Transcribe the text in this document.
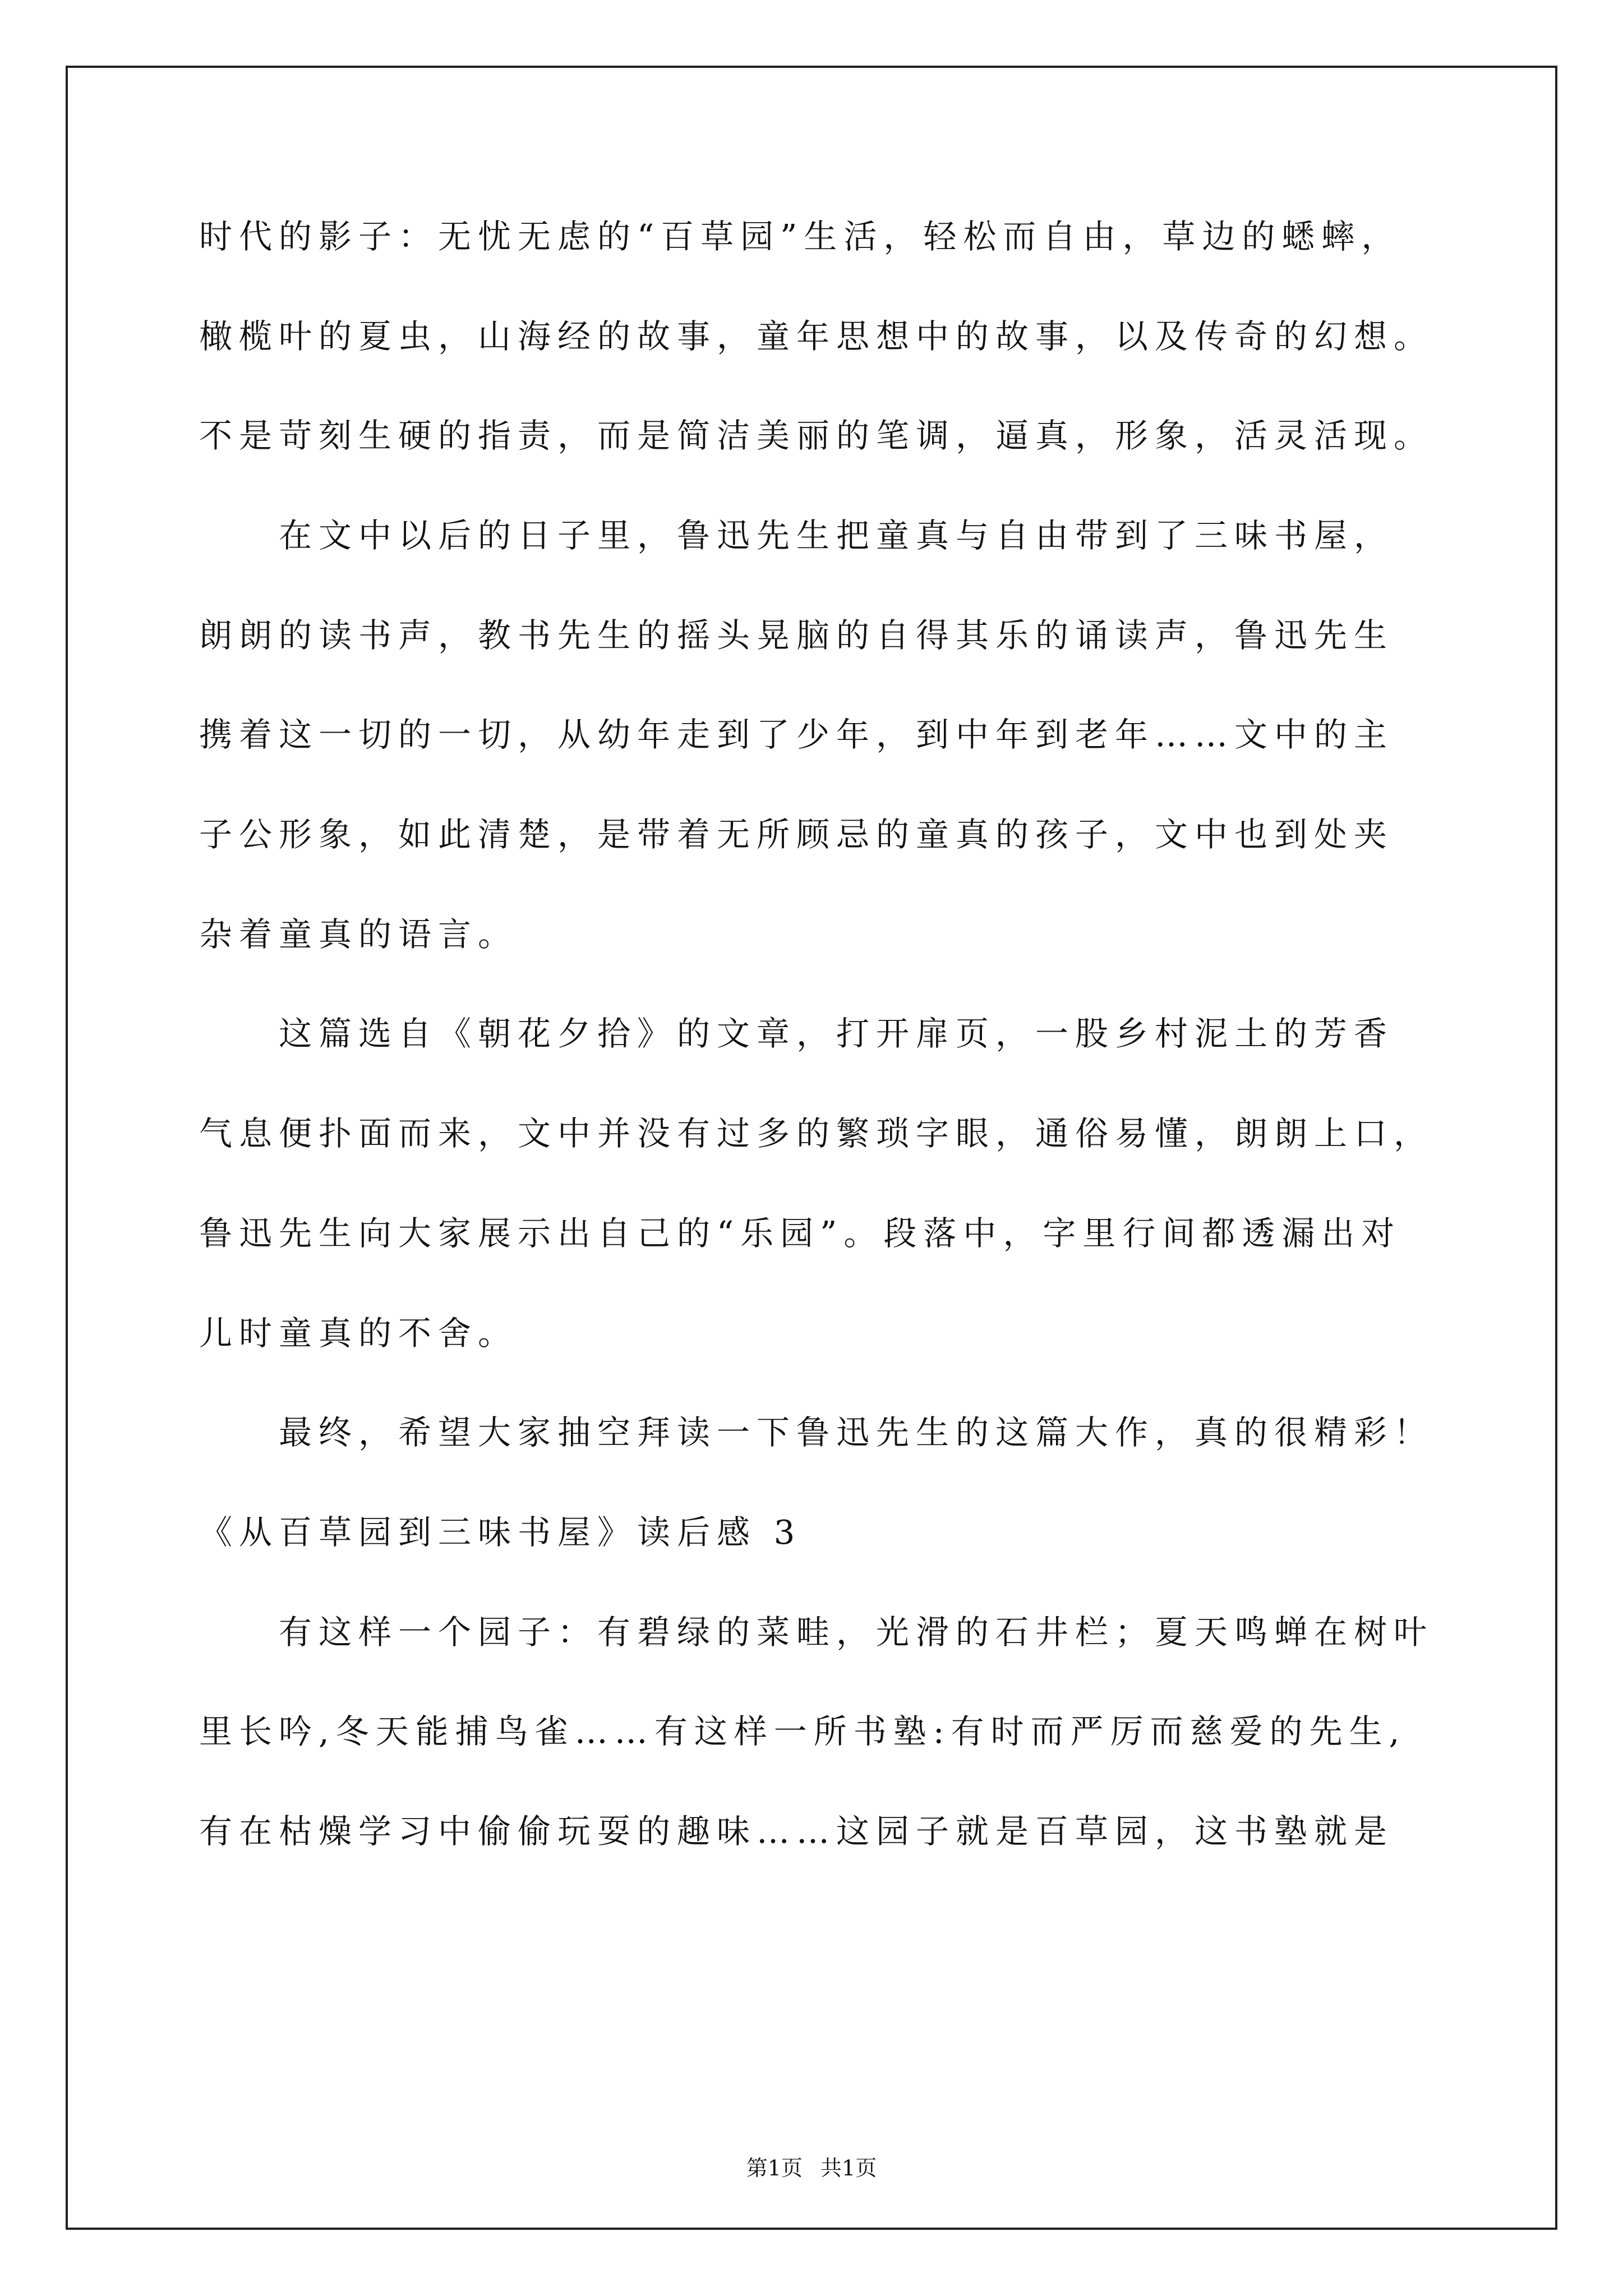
时代的影子：无忧无虑的“百草园”生活，轻松而自由，草边的蟋蟀，
橄榄叶的夏虫，山海经的故事，童年思想中的故事，以及传奇的幻想。
不是苛刻生硬的指责，而是简洁美丽的笔调，逼真，形象，活灵活现。
　　在文中以后的日子里，鲁迅先生把童真与自由带到了三味书屋，
朗朗的读书声，教书先生的摇头晃脑的自得其乐的诵读声，鲁迅先生
携着这一切的一切，从幼年走到了少年，到中年到老年……文中的主
子公形象，如此清楚，是带着无所顾忌的童真的孩子，文中也到处夹
杂着童真的语言。
　　这篇选自《朝花夕拾》的文章，打开扉页，一股乡村泥土的芳香
气息便扑面而来，文中并没有过多的繁琐字眼，通俗易懂，朗朗上口，
鲁迅先生向大家展示出自己的“乐园”。段落中，字里行间都透漏出对
儿时童真的不舍。
　　最终，希望大家抽空拜读一下鲁迅先生的这篇大作，真的很精彩！
《从百草园到三味书屋》读后感 3
　　有这样一个园子：有碧绿的菜畦，光滑的石井栏；夏天鸣蝉在树叶
里长吟,冬天能捕鸟雀……有这样一所书塾:有时而严厉而慈爱的先生,
有在枯燥学习中偷偷玩耍的趣味……这园子就是百草园，这书塾就是
第1页 共1页
